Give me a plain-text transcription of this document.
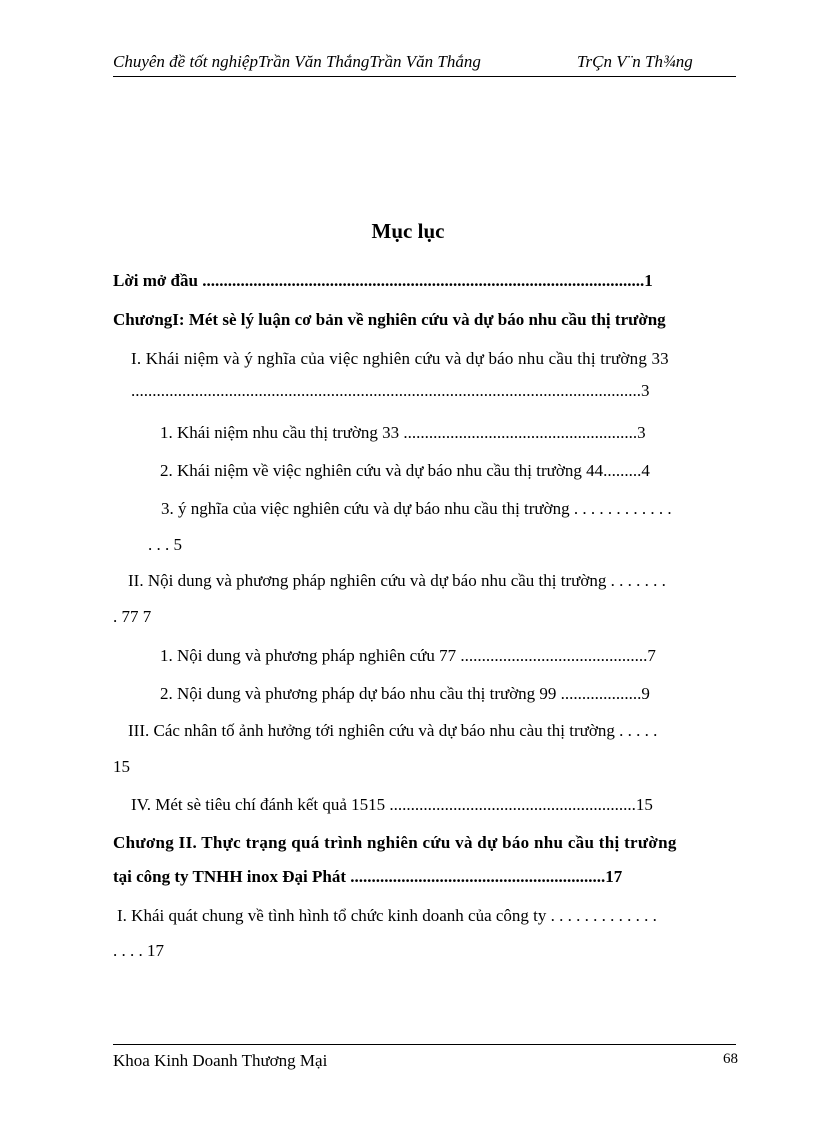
Chuyên đề tốt nghiệpTrần Văn ThắngTrần Văn Thắng	TrÇn V¨n Th¾ng
Mục lục
Lời mở đầu ........................................................................................................1
ChươngI: Mét sè lý luận cơ bản về nghiên cứu và dự báo nhu cầu thị trường
I. Khái niệm và ý nghĩa của việc nghiên cứu và dự báo nhu cầu thị trường 33
........................................................................................................................3
1. Khái niệm nhu cầu thị trường 33 .......................................................3
2. Khái niệm về việc nghiên cứu và dự báo nhu cầu thị trường 44.........4
3. ý nghĩa của việc nghiên cứu và dự báo nhu cầu thị trường . . . . . . . . . . . .
. . . 5
II. Nội dung và phương pháp nghiên cứu và dự báo nhu cầu thị trường . . . . . . .
. 77 7
1. Nội dung và phương pháp nghiên cứu 77 ............................................7
2. Nội dung và phương pháp dự báo nhu cầu thị trường 99 ...................9
III. Các nhân tố ảnh hưởng tới nghiên cứu và dự báo nhu càu thị trường . . . . .
15
IV. Mét sè tiêu chí đánh kết quả 1515 ..........................................................15
Chương II. Thực trạng quá trình nghiên cứu và dự báo nhu cầu thị trường
tại công ty TNHH inox Đại Phát ............................................................17
I. Khái quát chung về tình hình tổ chức kinh doanh của công ty . . . . . . . . . . . . .
. . . . 17
Khoa Kinh Doanh Thương Mại	68
